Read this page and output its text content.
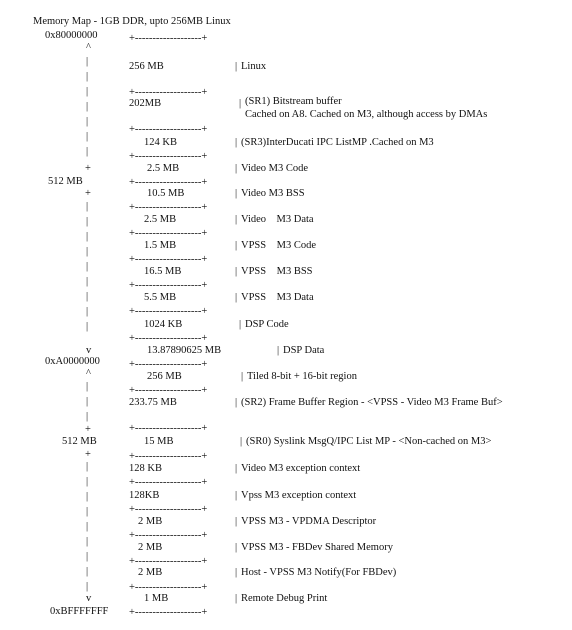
Memory Map - 1GB DDR, upto 256MB Linux
0x80000000	+-------------------+
256 MB	Linux
|
+-------------------+
202MB	(SR1) Bitstream buffer
Cached on A8. Cached on M3, although access by DMAs
|
+-------------------+
124 KB	(SR3)InterDucati IPC ListMP .Cached on M3
|
+-------------------+
2.5 MB	Video M3 Code
|
+-------------------+
10.5 MB	Video M3 BSS
|
+-------------------+
2.5 MB	Video    M3 Data
|
+-------------------+
1.5 MB	VPSS    M3 Code
|
+-------------------+
16.5 MB	VPSS    M3 BSS
|
+-------------------+
5.5 MB	VPSS    M3 Data
|
+-------------------+
1024 KB	DSP Code
|
+-------------------+
13.87890625 MB	DSP Data
|
+-------------------+
256 MB	Tiled 8-bit + 16-bit region
|
+-------------------+
233.75 MB	(SR2) Frame Buffer Region - <VPSS - Video M3 Frame Buf>
|
+-------------------+
15 MB	(SR0) Syslink MsgQ/IPC List MP - <Non-cached on M3>
|
+-------------------+
128 KB	Video M3 exception context
|
+-------------------+
128KB	Vpss M3 exception context
|
+-------------------+
2 MB	VPSS M3 - VPDMA Descriptor
|
+-------------------+
2 MB	VPSS M3 - FBDev Shared Memory
|
+-------------------+
2 MB	Host - VPSS M3 Notify(For FBDev)
|
+-------------------+
1 MB	Remote Debug Print
|
+-------------------+
512 MB
0xA0000000
512 MB
0xBFFFFFFF
^
+
+
v
^
+
+
v
|
|
|
|
|
|
|
|
|
|
|
|
|
|
|
|
|
|
|
|
|
|
|
|
|
|
|
|
